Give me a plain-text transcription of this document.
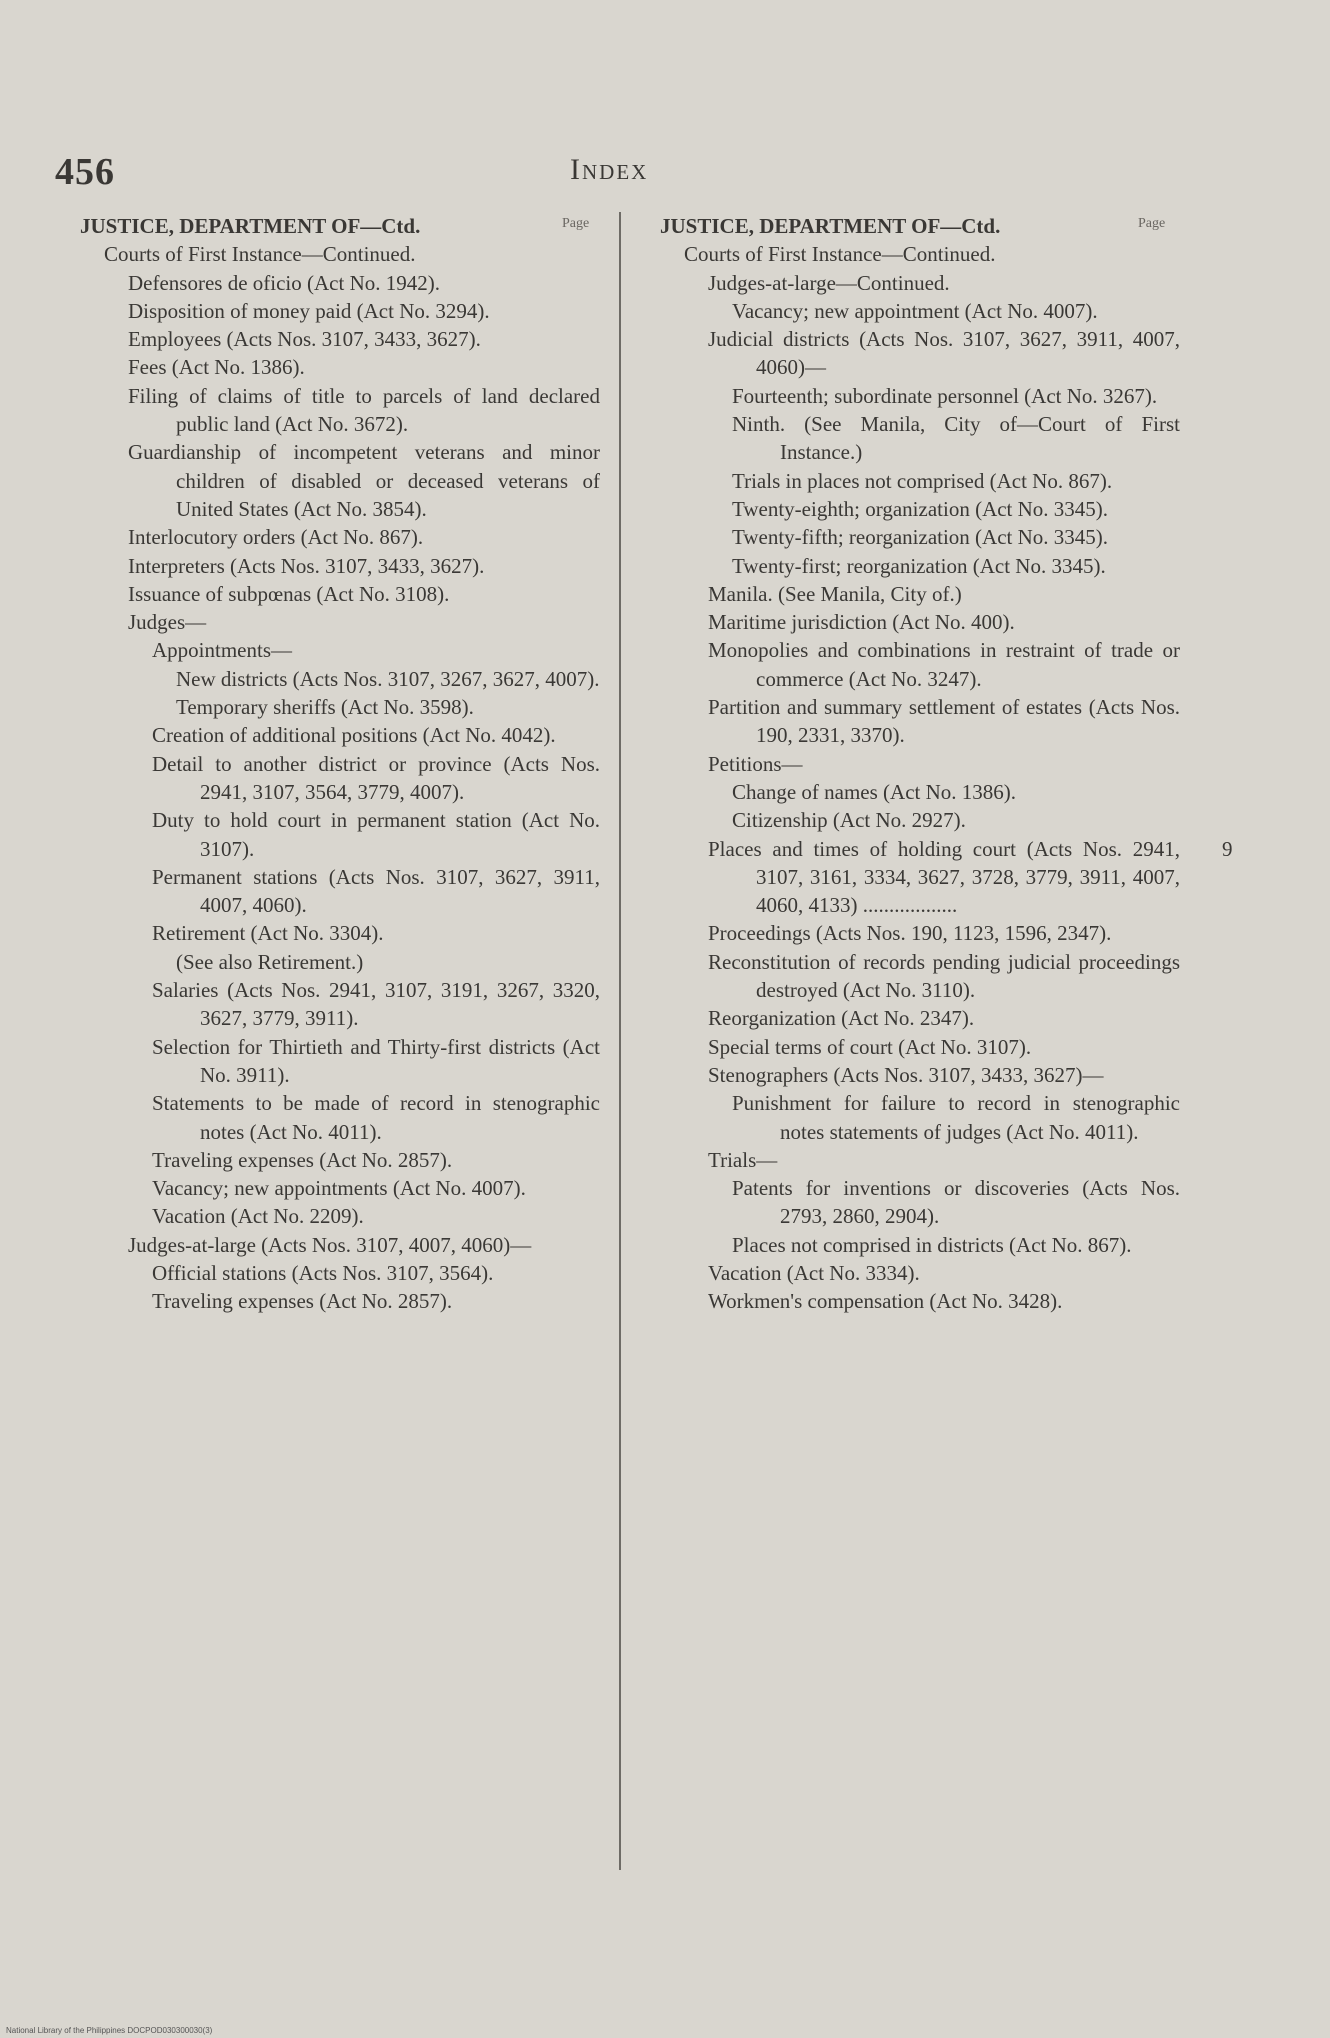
456	Index
Page	Page
JUSTICE, DEPARTMENT OF—Ctd.
Courts of First Instance—Continued.
Defensores de oficio (Act No. 1942).
Disposition of money paid (Act No. 3294).
Employees (Acts Nos. 3107, 3433, 3627).
Fees (Act No. 1386).
Filing of claims of title to parcels of land declared public land (Act No. 3672).
Guardianship of incompetent veterans and minor children of disabled or deceased veterans of United States (Act No. 3854).
Interlocutory orders (Act No. 867).
Interpreters (Acts Nos. 3107, 3433, 3627).
Issuance of subpœnas (Act No. 3108).
Judges—
Appointments—
New districts (Acts Nos. 3107, 3267, 3627, 4007).
Temporary sheriffs (Act No. 3598).
Creation of additional positions (Act No. 4042).
Detail to another district or province (Acts Nos. 2941, 3107, 3564, 3779, 4007).
Duty to hold court in permanent station (Act No. 3107).
Permanent stations (Acts Nos. 3107, 3627, 3911, 4007, 4060).
Retirement (Act No. 3304).
(See also Retirement.)
Salaries (Acts Nos. 2941, 3107, 3191, 3267, 3320, 3627, 3779, 3911).
Selection for Thirtieth and Thirty-first districts (Act No. 3911).
Statements to be made of record in stenographic notes (Act No. 4011).
Traveling expenses (Act No. 2857).
Vacancy; new appointments (Act No. 4007).
Vacation (Act No. 2209).
Judges-at-large (Acts Nos. 3107, 4007, 4060)—
Official stations (Acts Nos. 3107, 3564).
Traveling expenses (Act No. 2857).
JUSTICE, DEPARTMENT OF—Ctd.
Courts of First Instance—Continued.
Judges-at-large—Continued.
Vacancy; new appointment (Act No. 4007).
Judicial districts (Acts Nos. 3107, 3627, 3911, 4007, 4060)—
Fourteenth; subordinate personnel (Act No. 3267).
Ninth. (See Manila, City of—Court of First Instance.)
Trials in places not comprised (Act No. 867).
Twenty-eighth; organization (Act No. 3345).
Twenty-fifth; reorganization (Act No. 3345).
Twenty-first; reorganization (Act No. 3345).
Manila. (See Manila, City of.)
Maritime jurisdiction (Act No. 400).
Monopolies and combinations in restraint of trade or commerce (Act No. 3247).
Partition and summary settlement of estates (Acts Nos. 190, 2331, 3370).
Petitions—
Change of names (Act No. 1386).
Citizenship (Act No. 2927).
Places and times of holding court (Acts Nos. 2941, 3107, 3161, 3334, 3627, 3728, 3779, 3911, 4007, 4060, 4133) ..................
9
Proceedings (Acts Nos. 190, 1123, 1596, 2347).
Reconstitution of records pending judicial proceedings destroyed (Act No. 3110).
Reorganization (Act No. 2347).
Special terms of court (Act No. 3107).
Stenographers (Acts Nos. 3107, 3433, 3627)—
Punishment for failure to record in stenographic notes statements of judges (Act No. 4011).
Trials—
Patents for inventions or discoveries (Acts Nos. 2793, 2860, 2904).
Places not comprised in districts (Act No. 867).
Vacation (Act No. 3334).
Workmen's compensation (Act No. 3428).
National Library of the Philippines DOCPOD030300030(3)
